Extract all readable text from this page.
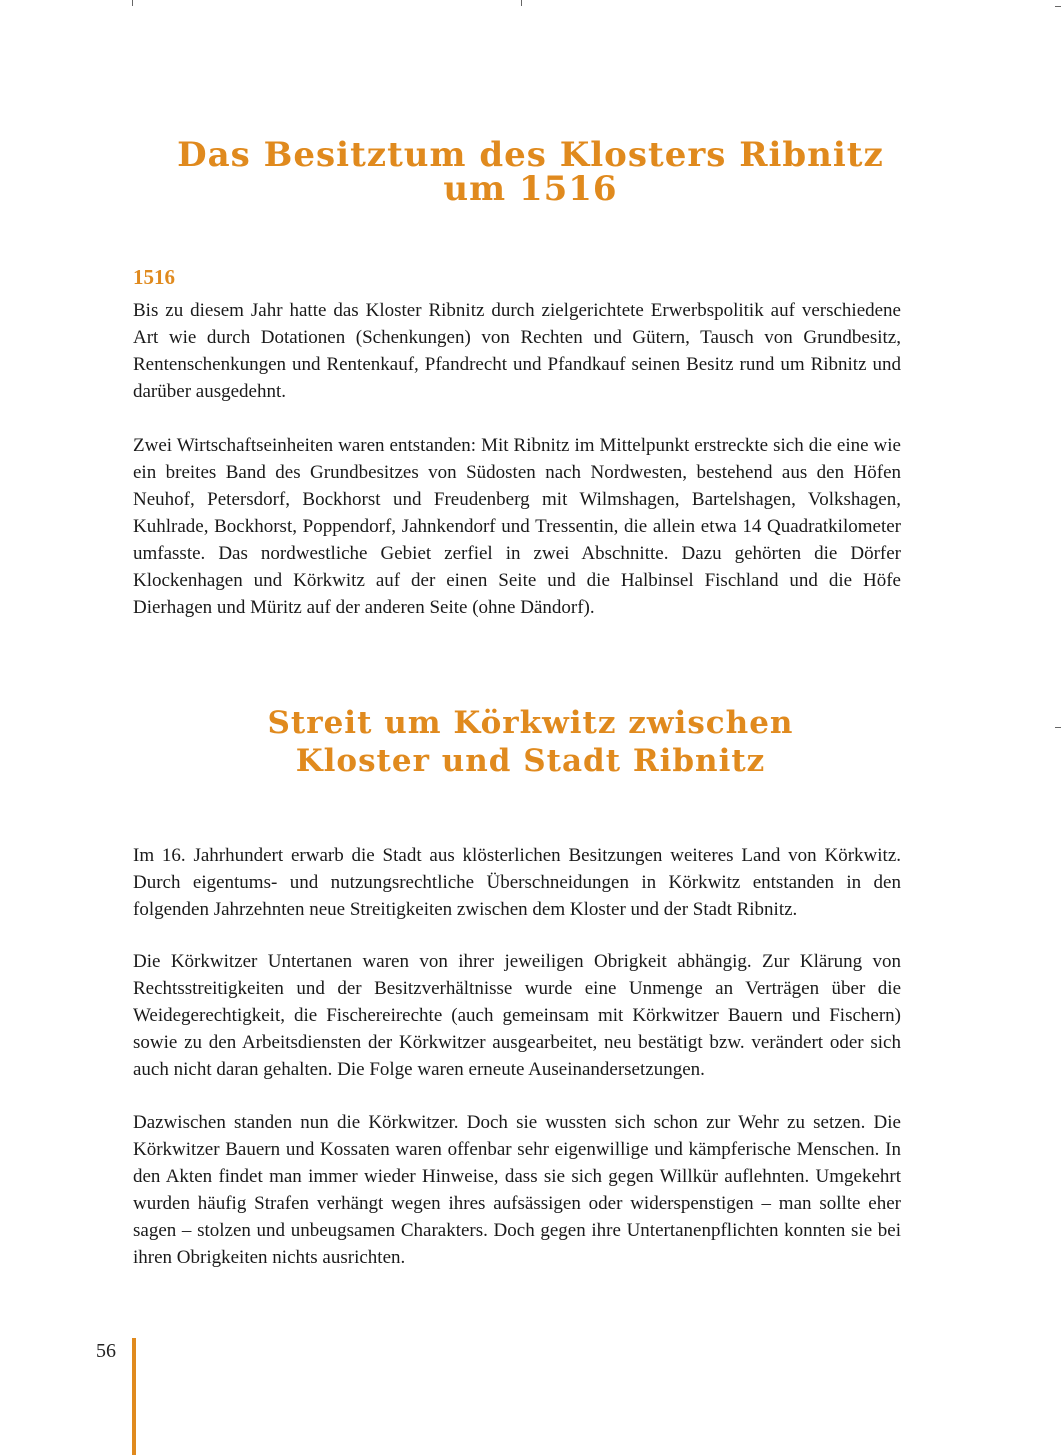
Das Besitztum des Klosters Ribnitz
um 1516
1516

Bis zu diesem Jahr hatte das Kloster Ribnitz durch zielgerichtete Erwerbspolitik auf verschiedene Art wie durch Dotationen (Schenkungen) von Rechten und Gütern, Tausch von Grundbesitz, Rentenschenkungen und Rentenkauf, Pfandrecht und Pfandkauf seinen Besitz rund um Ribnitz und darüber ausgedehnt.

Zwei Wirtschaftseinheiten waren entstanden: Mit Ribnitz im Mittelpunkt erstreckte sich die eine wie ein breites Band des Grundbesitzes von Südosten nach Nordwesten, bestehend aus den Höfen Neuhof, Petersdorf, Bockhorst und Freudenberg mit Wilmshagen, Bartelshagen, Volkshagen, Kuhlrade, Bockhorst, Poppendorf, Jahnkendorf und Tressentin, die allein etwa 14 Quadratkilometer umfasste. Das nordwestliche Gebiet zerfiel in zwei Abschnitte. Dazu gehörten die Dörfer Klockenhagen und Körkwitz auf der einen Seite und die Halbinsel Fischland und die Höfe Dierhagen und Müritz auf der anderen Seite (ohne Dändorf).

Streit um Körkwitz zwischen
Kloster und Stadt Ribnitz

Im 16. Jahrhundert erwarb die Stadt aus klösterlichen Besitzungen weiteres Land von Körkwitz. Durch eigentums- und nutzungsrechtliche Überschneidungen in Körkwitz entstanden in den folgenden Jahrzehnten neue Streitigkeiten zwischen dem Kloster und der Stadt Ribnitz.

Die Körkwitzer Untertanen waren von ihrer jeweiligen Obrigkeit abhängig. Zur Klärung von Rechtsstreitigkeiten und der Besitzverhältnisse wurde eine Unmenge an Verträgen über die Weidegerechtigkeit, die Fischereirechte (auch gemeinsam mit Körkwitzer Bauern und Fischern) sowie zu den Arbeitsdiensten der Körkwitzer ausgearbeitet, neu bestätigt bzw. verändert oder sich auch nicht daran gehalten. Die Folge waren erneute Auseinandersetzungen.

Dazwischen standen nun die Körkwitzer. Doch sie wussten sich schon zur Wehr zu setzen. Die Körkwitzer Bauern und Kossaten waren offenbar sehr eigenwillige und kämpferische Menschen. In den Akten findet man immer wieder Hinweise, dass sie sich gegen Willkür auflehnten. Umgekehrt wurden häufig Strafen verhängt wegen ihres aufsässigen oder widerspenstigen – man sollte eher sagen – stolzen und unbeugsamen Charakters. Doch gegen ihre Untertanenpflichten konnten sie bei ihren Obrigkeiten nichts ausrichten.

56
